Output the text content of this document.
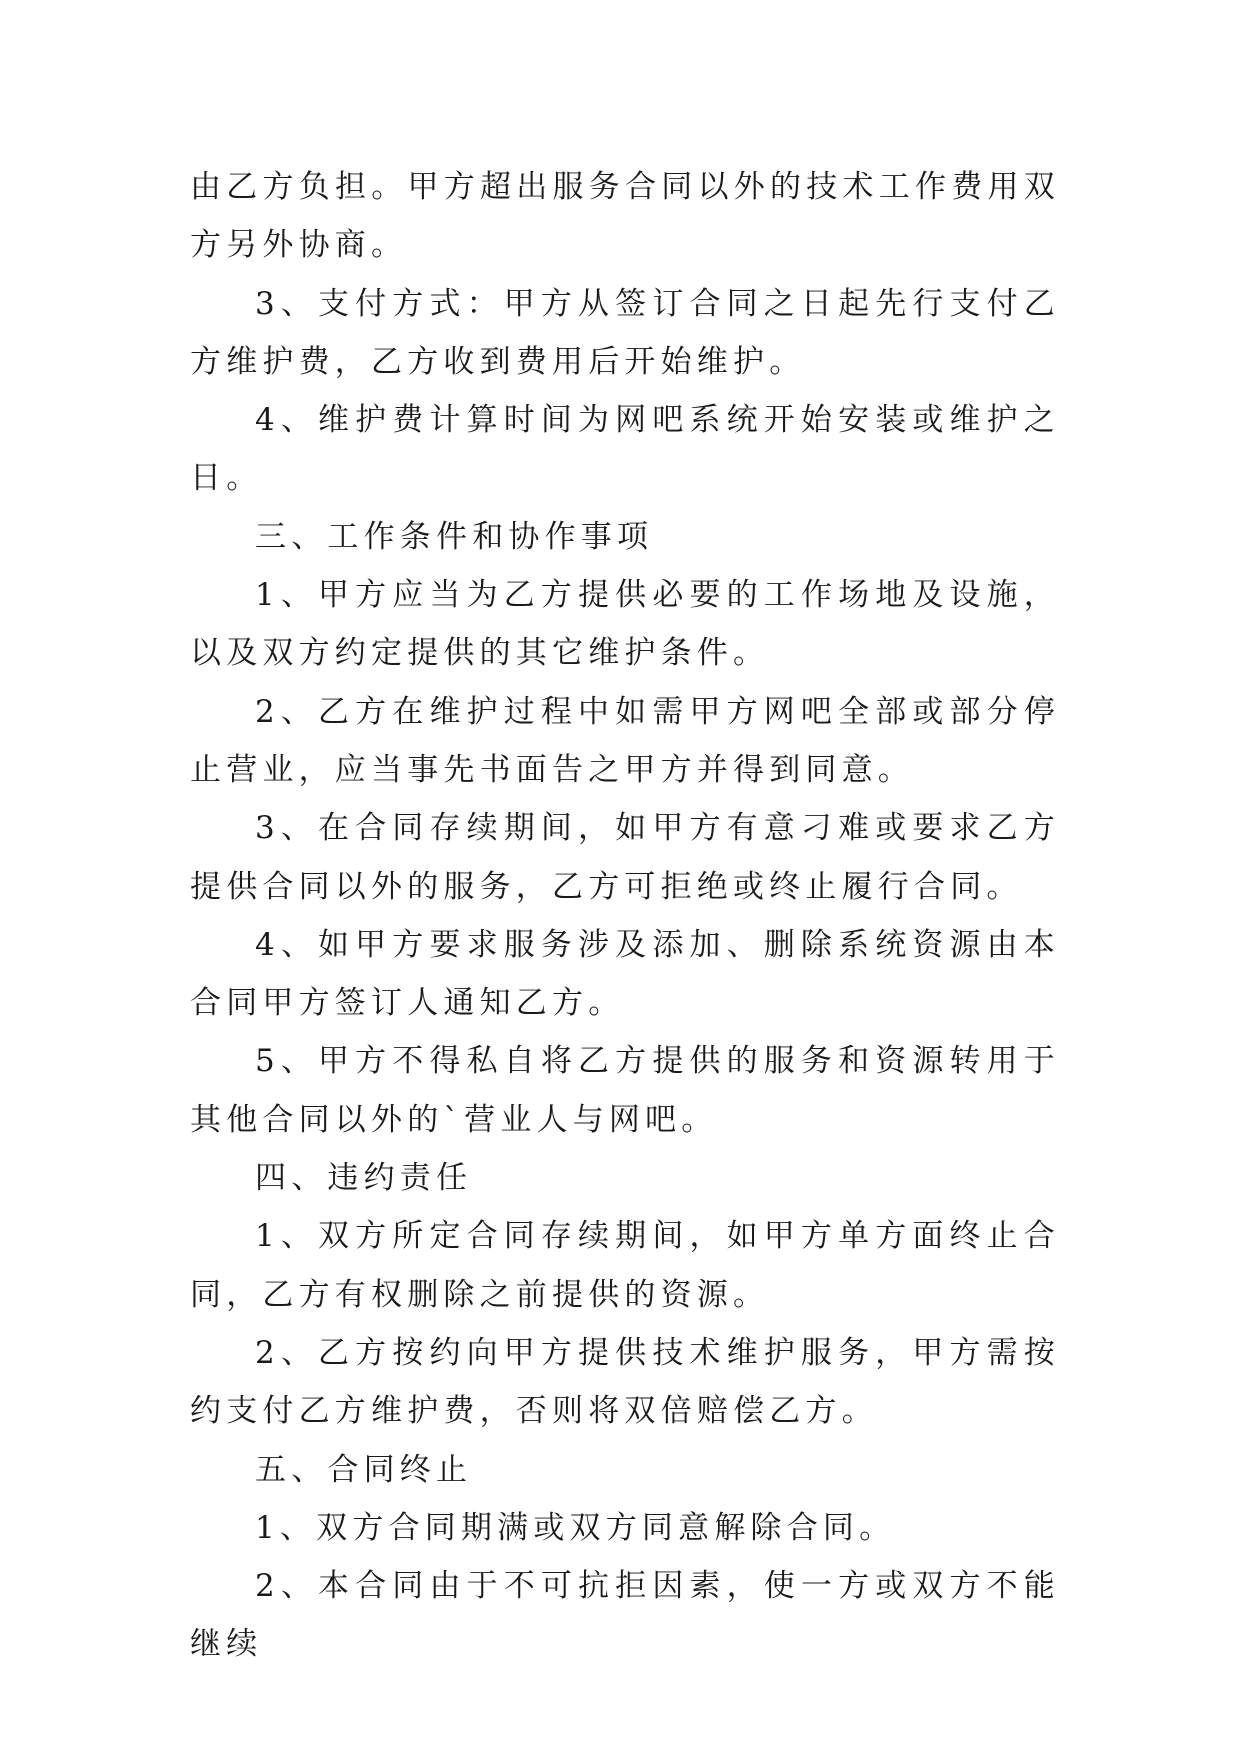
由乙方负担。甲方超出服务合同以外的技术工作费用双方另外协商。

3、支付方式：甲方从签订合同之日起先行支付乙方维护费，乙方收到费用后开始维护。

4、维护费计算时间为网吧系统开始安装或维护之日。

三、工作条件和协作事项

1、甲方应当为乙方提供必要的工作场地及设施，以及双方约定提供的其它维护条件。

2、乙方在维护过程中如需甲方网吧全部或部分停止营业，应当事先书面告之甲方并得到同意。

3、在合同存续期间，如甲方有意刁难或要求乙方提供合同以外的服务，乙方可拒绝或终止履行合同。

4、如甲方要求服务涉及添加、删除系统资源由本合同甲方签订人通知乙方。

5、甲方不得私自将乙方提供的服务和资源转用于其他合同以外的`营业人与网吧。

四、违约责任

1、双方所定合同存续期间，如甲方单方面终止合同，乙方有权删除之前提供的资源。

2、乙方按约向甲方提供技术维护服务，甲方需按约支付乙方维护费，否则将双倍赔偿乙方。

五、合同终止

1、双方合同期满或双方同意解除合同。

2、本合同由于不可抗拒因素，使一方或双方不能继续
